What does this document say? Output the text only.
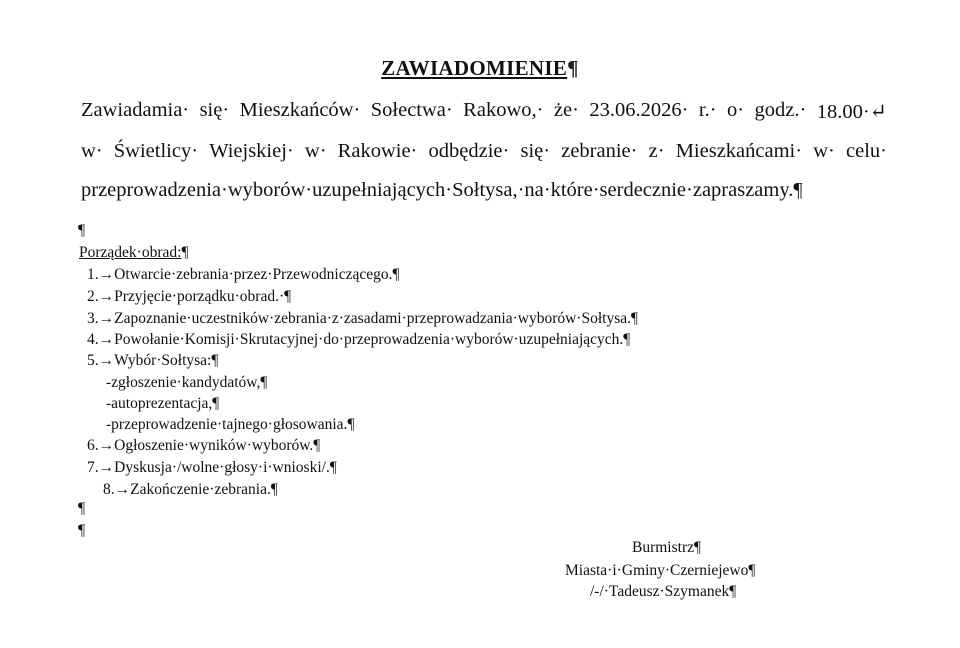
ZAWIADOMIENIE¶
Zawiadamia· się· Mieszkańców· Sołectwa· Rakowo,· że· 23.06.2026· r.· o· godz.· 18.00·↵
w· Świetlicy· Wiejskiej· w· Rakowie· odbędzie· się· zebranie· z· Mieszkańcami· w· celu·
przeprowadzenia·wyborów·uzupełniających·Sołtysa,·na·które·serdecznie·zapraszamy.¶
¶
Porządek·obrad:¶
1.→Otwarcie·zebrania·przez·Przewodniczącego.¶
2.→Przyjęcie·porządku·obrad.·¶
3.→Zapoznanie·uczestników·zebrania·z·zasadami·przeprowadzania·wyborów·Sołtysa.¶
4.→Powołanie·Komisji·Skrutacyjnej·do·przeprowadzenia·wyborów·uzupełniających.¶
5.→Wybór·Sołtysa:¶
-zgłoszenie·kandydatów,¶
-autoprezentacja,¶
-przeprowadzenie·tajnego·głosowania.¶
6.→Ogłoszenie·wyników·wyborów.¶
7.→Dyskusja·/wolne·głosy·i·wnioski/.¶
8.→Zakończenie·zebrania.¶
¶
¶
Burmistrz¶
Miasta·i·Gminy·Czerniejewo¶
/-/·Tadeusz·Szymanek¶
